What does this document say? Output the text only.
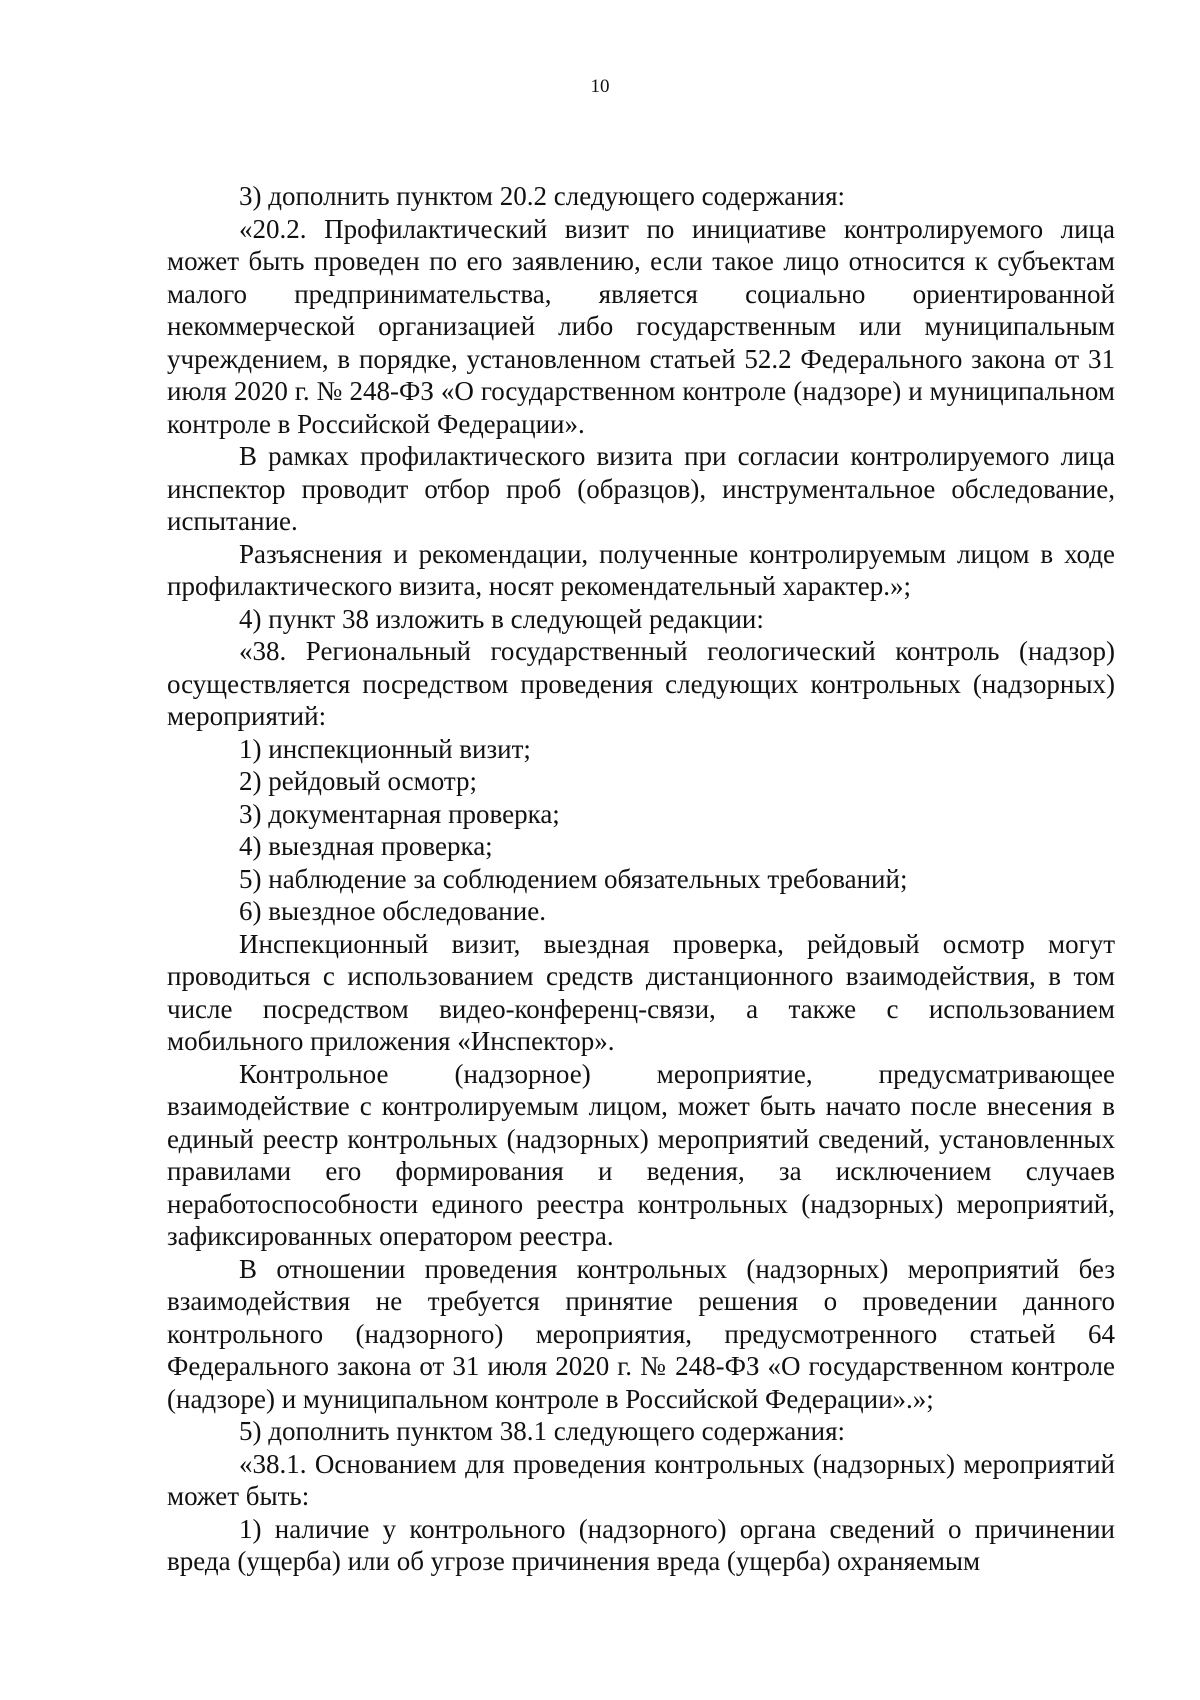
10

3) дополнить пунктом 20.2 следующего содержания:

«20.2. Профилактический визит по инициативе контролируемого лица может быть проведен по его заявлению, если такое лицо относится к субъектам малого предпринимательства, является социально ориентированной некоммерческой организацией либо государственным или муниципальным учреждением, в порядке, установленном статьей 52.2 Федерального закона от 31 июля 2020 г. № 248-ФЗ «О государственном контроле (надзоре) и муниципальном контроле в Российской Федерации».

В рамках профилактического визита при согласии контролируемого лица инспектор проводит отбор проб (образцов), инструментальное обследование, испытание.

Разъяснения и рекомендации, полученные контролируемым лицом в ходе профилактического визита, носят рекомендательный характер.»;

4) пункт 38 изложить в следующей редакции:

«38. Региональный государственный геологический контроль (надзор) осуществляется посредством проведения следующих контрольных (надзорных) мероприятий:

1) инспекционный визит;

2) рейдовый осмотр;

3) документарная проверка;

4) выездная проверка;

5) наблюдение за соблюдением обязательных требований;

6) выездное обследование.

Инспекционный визит, выездная проверка, рейдовый осмотр могут проводиться с использованием средств дистанционного взаимодействия, в том числе посредством видео-конференц-связи, а также с использованием мобильного приложения «Инспектор».

Контрольное (надзорное) мероприятие, предусматривающее взаимодействие с контролируемым лицом, может быть начато после внесения в единый реестр контрольных (надзорных) мероприятий сведений, установленных правилами его формирования и ведения, за исключением случаев неработоспособности единого реестра контрольных (надзорных) мероприятий, зафиксированных оператором реестра.

В отношении проведения контрольных (надзорных) мероприятий без взаимодействия не требуется принятие решения о проведении данного контрольного (надзорного) мероприятия, предусмотренного статьей 64 Федерального закона от 31 июля 2020 г. № 248-ФЗ «О государственном контроле (надзоре) и муниципальном контроле в Российской Федерации».»;

5) дополнить пунктом 38.1 следующего содержания:

«38.1. Основанием для проведения контрольных (надзорных) мероприятий может быть:

1) наличие у контрольного (надзорного) органа сведений о причинении вреда (ущерба) или об угрозе причинения вреда (ущерба) охраняемым
